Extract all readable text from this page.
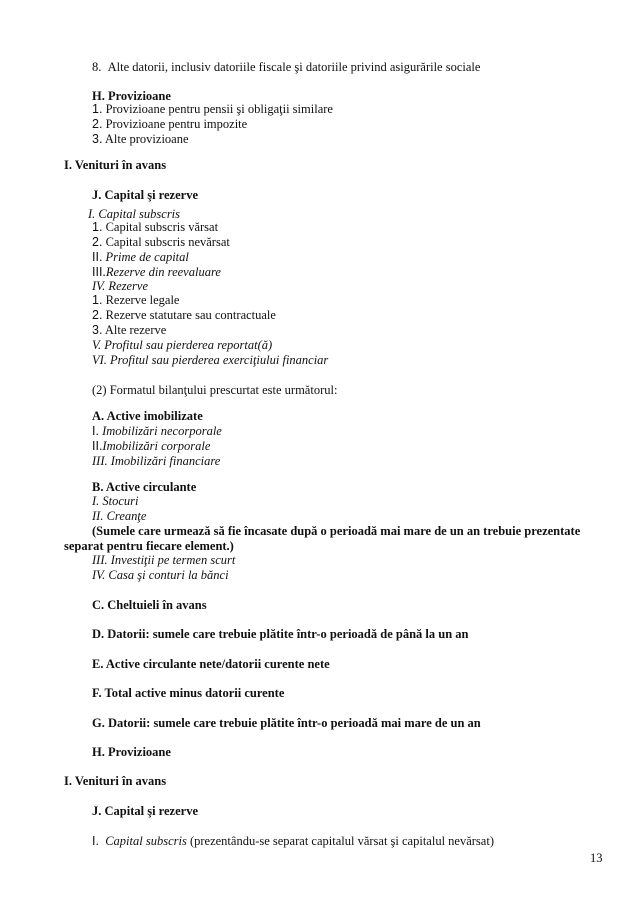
8. Alte datorii, inclusiv datoriile fiscale şi datoriile privind asigurările sociale
H. Provizioane
1. Provizioane pentru pensii şi obligaţii similare
2. Provizioane pentru impozite
3. Alte provizioane
I. Venituri în avans
J. Capital şi rezerve
I. Capital subscris
1. Capital subscris vărsat
2. Capital subscris nevărsat
II. Prime de capital
III.Rezerve din reevaluare
IV. Rezerve
1. Rezerve legale
2. Rezerve statutare sau contractuale
3. Alte rezerve
V. Profitul sau pierderea reportat(ă)
VI. Profitul sau pierderea exerciţiului financiar
(2) Formatul bilanţului prescurtat este următorul:
A. Active imobilizate
I. Imobilizări necorporale
II.Imobilizări corporale
III. Imobilizări financiare
B. Active circulante
I. Stocuri
II. Creanţe
(Sumele care urmează să fie încasate după o perioadă mai mare de un an trebuie prezentate
separat pentru fiecare element.)
III. Investiţii pe termen scurt
IV. Casa şi conturi la bănci
C. Cheltuieli în avans
D. Datorii: sumele care trebuie plătite într-o perioadă de până la un an
E. Active circulante nete/datorii curente nete
F. Total active minus datorii curente
G. Datorii: sumele care trebuie plătite într-o perioadă mai mare de un an
H. Provizioane
I. Venituri în avans
J. Capital şi rezerve
I. Capital subscris (prezentându-se separat capitalul vărsat şi capitalul nevărsat)
13
